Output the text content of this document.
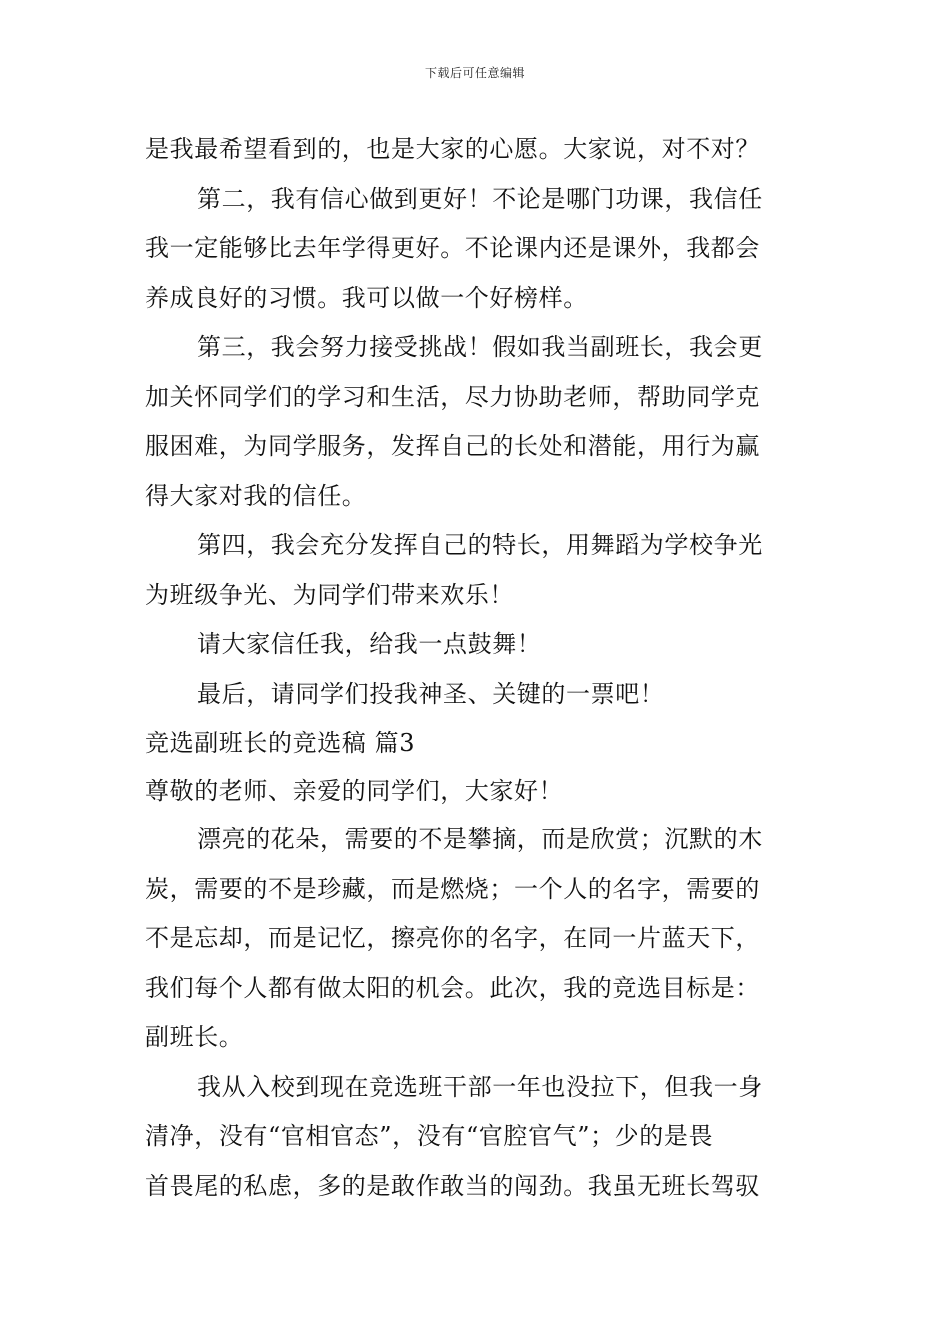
下载后可任意编辑
是我最希望看到的，也是大家的心愿。大家说，对不对？
第二，我有信心做到更好！不论是哪门功课，我信任
我一定能够比去年学得更好。不论课内还是课外，我都会
养成良好的习惯。我可以做一个好榜样。
第三，我会努力接受挑战！假如我当副班长，我会更
加关怀同学们的学习和生活，尽力协助老师，帮助同学克
服困难，为同学服务，发挥自己的长处和潜能，用行为赢
得大家对我的信任。
第四，我会充分发挥自己的特长，用舞蹈为学校争光
为班级争光、为同学们带来欢乐！
请大家信任我，给我一点鼓舞！
最后，请同学们投我神圣、关键的一票吧！
竞选副班长的竞选稿 篇3
尊敬的老师、亲爱的同学们，大家好！
漂亮的花朵，需要的不是攀摘，而是欣赏；沉默的木
炭，需要的不是珍藏，而是燃烧；一个人的名字，需要的
不是忘却，而是记忆，擦亮你的名字，在同一片蓝天下，
我们每个人都有做太阳的机会。此次，我的竞选目标是：
副班长。
我从入校到现在竞选班干部一年也没拉下，但我一身
清净，没有“官相官态”，没有“官腔官气”；少的是畏
首畏尾的私虑，多的是敢作敢当的闯劲。我虽无班长驾驭
